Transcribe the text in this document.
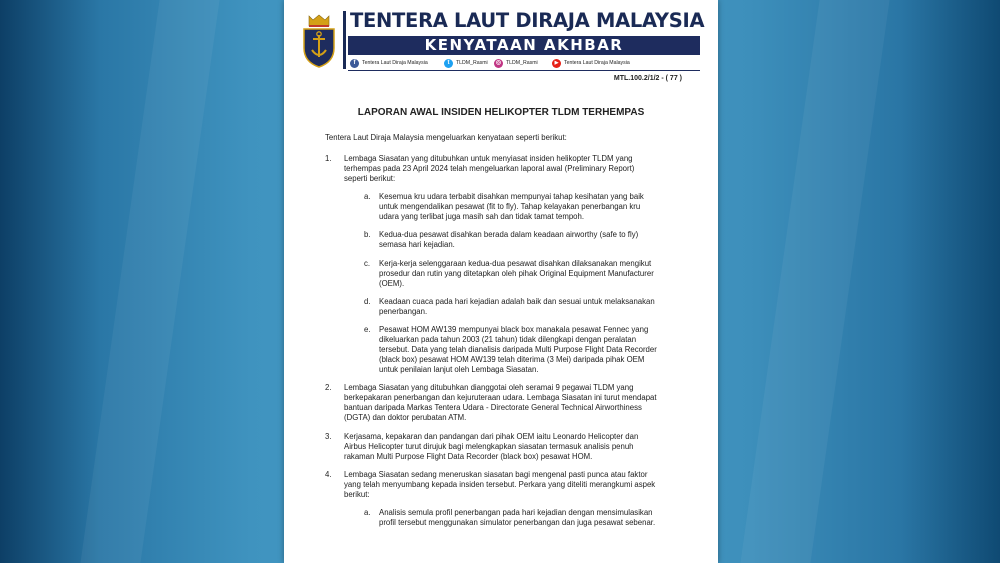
TENTERA LAUT DIRAJA MALAYSIA
KENYATAAN AKHBAR
f	Tentera Laut Diraja Malaysia	t	TLDM_Rasmi	◎ TLDM_Rasmi	▶	Tentera Laut Diraja Malaysia
MTL.100.2/1/2 - ( 77 )
LAPORAN AWAL INSIDEN HELIKOPTER TLDM TERHEMPAS
Tentera Laut Diraja Malaysia mengeluarkan kenyataan seperti berikut:
1. Lembaga Siasatan yang ditubuhkan untuk menyiasat insiden helikopter TLDM yang
terhempas pada 23 April 2024 telah mengeluarkan laporal awal (Preliminary Report)
seperti berikut:
a. Kesemua kru udara terbabit disahkan mempunyai tahap kesihatan yang baik
untuk mengendalikan pesawat (fit to fly). Tahap kelayakan penerbangan kru
udara yang terlibat juga masih sah dan tidak tamat tempoh.
b. Kedua-dua pesawat disahkan berada dalam keadaan airworthy (safe to fly)
semasa hari kejadian.
c. Kerja-kerja selenggaraan kedua-dua pesawat disahkan dilaksanakan mengikut
prosedur dan rutin yang ditetapkan oleh pihak Original Equipment Manufacturer
(OEM).
d. Keadaan cuaca pada hari kejadian adalah baik dan sesuai untuk melaksanakan
penerbangan.
e. Pesawat HOM AW139 mempunyai black box manakala pesawat Fennec yang
dikeluarkan pada tahun 2003 (21 tahun) tidak dilengkapi dengan peralatan
tersebut. Data yang telah dianalisis daripada Multi Purpose Flight Data Recorder
(black box) pesawat HOM AW139 telah diterima (3 Mei) daripada pihak OEM
untuk penilaian lanjut oleh Lembaga Siasatan.
2. Lembaga Siasatan yang ditubuhkan dianggotai oleh seramai 9 pegawai TLDM yang
berkepakaran penerbangan dan kejuruteraan udara. Lembaga Siasatan ini turut mendapat
bantuan daripada Markas Tentera Udara - Directorate General Technical Airworthiness
(DGTA) dan doktor perubatan ATM.
3. Kerjasama, kepakaran dan pandangan dari pihak OEM iaitu Leonardo Helicopter dan
Airbus Helicopter turut dirujuk bagi melengkapkan siasatan termasuk analisis penuh
rakaman Multi Purpose Flight Data Recorder (black box) pesawat HOM.
4. Lembaga Siasatan sedang meneruskan siasatan bagi mengenal pasti punca atau faktor
yang telah menyumbang kepada insiden tersebut. Perkara yang diteliti merangkumi aspek
berikut:
a. Analisis semula profil penerbangan pada hari kejadian dengan mensimulasikan
profil tersebut menggunakan simulator penerbangan dan juga pesawat sebenar.
